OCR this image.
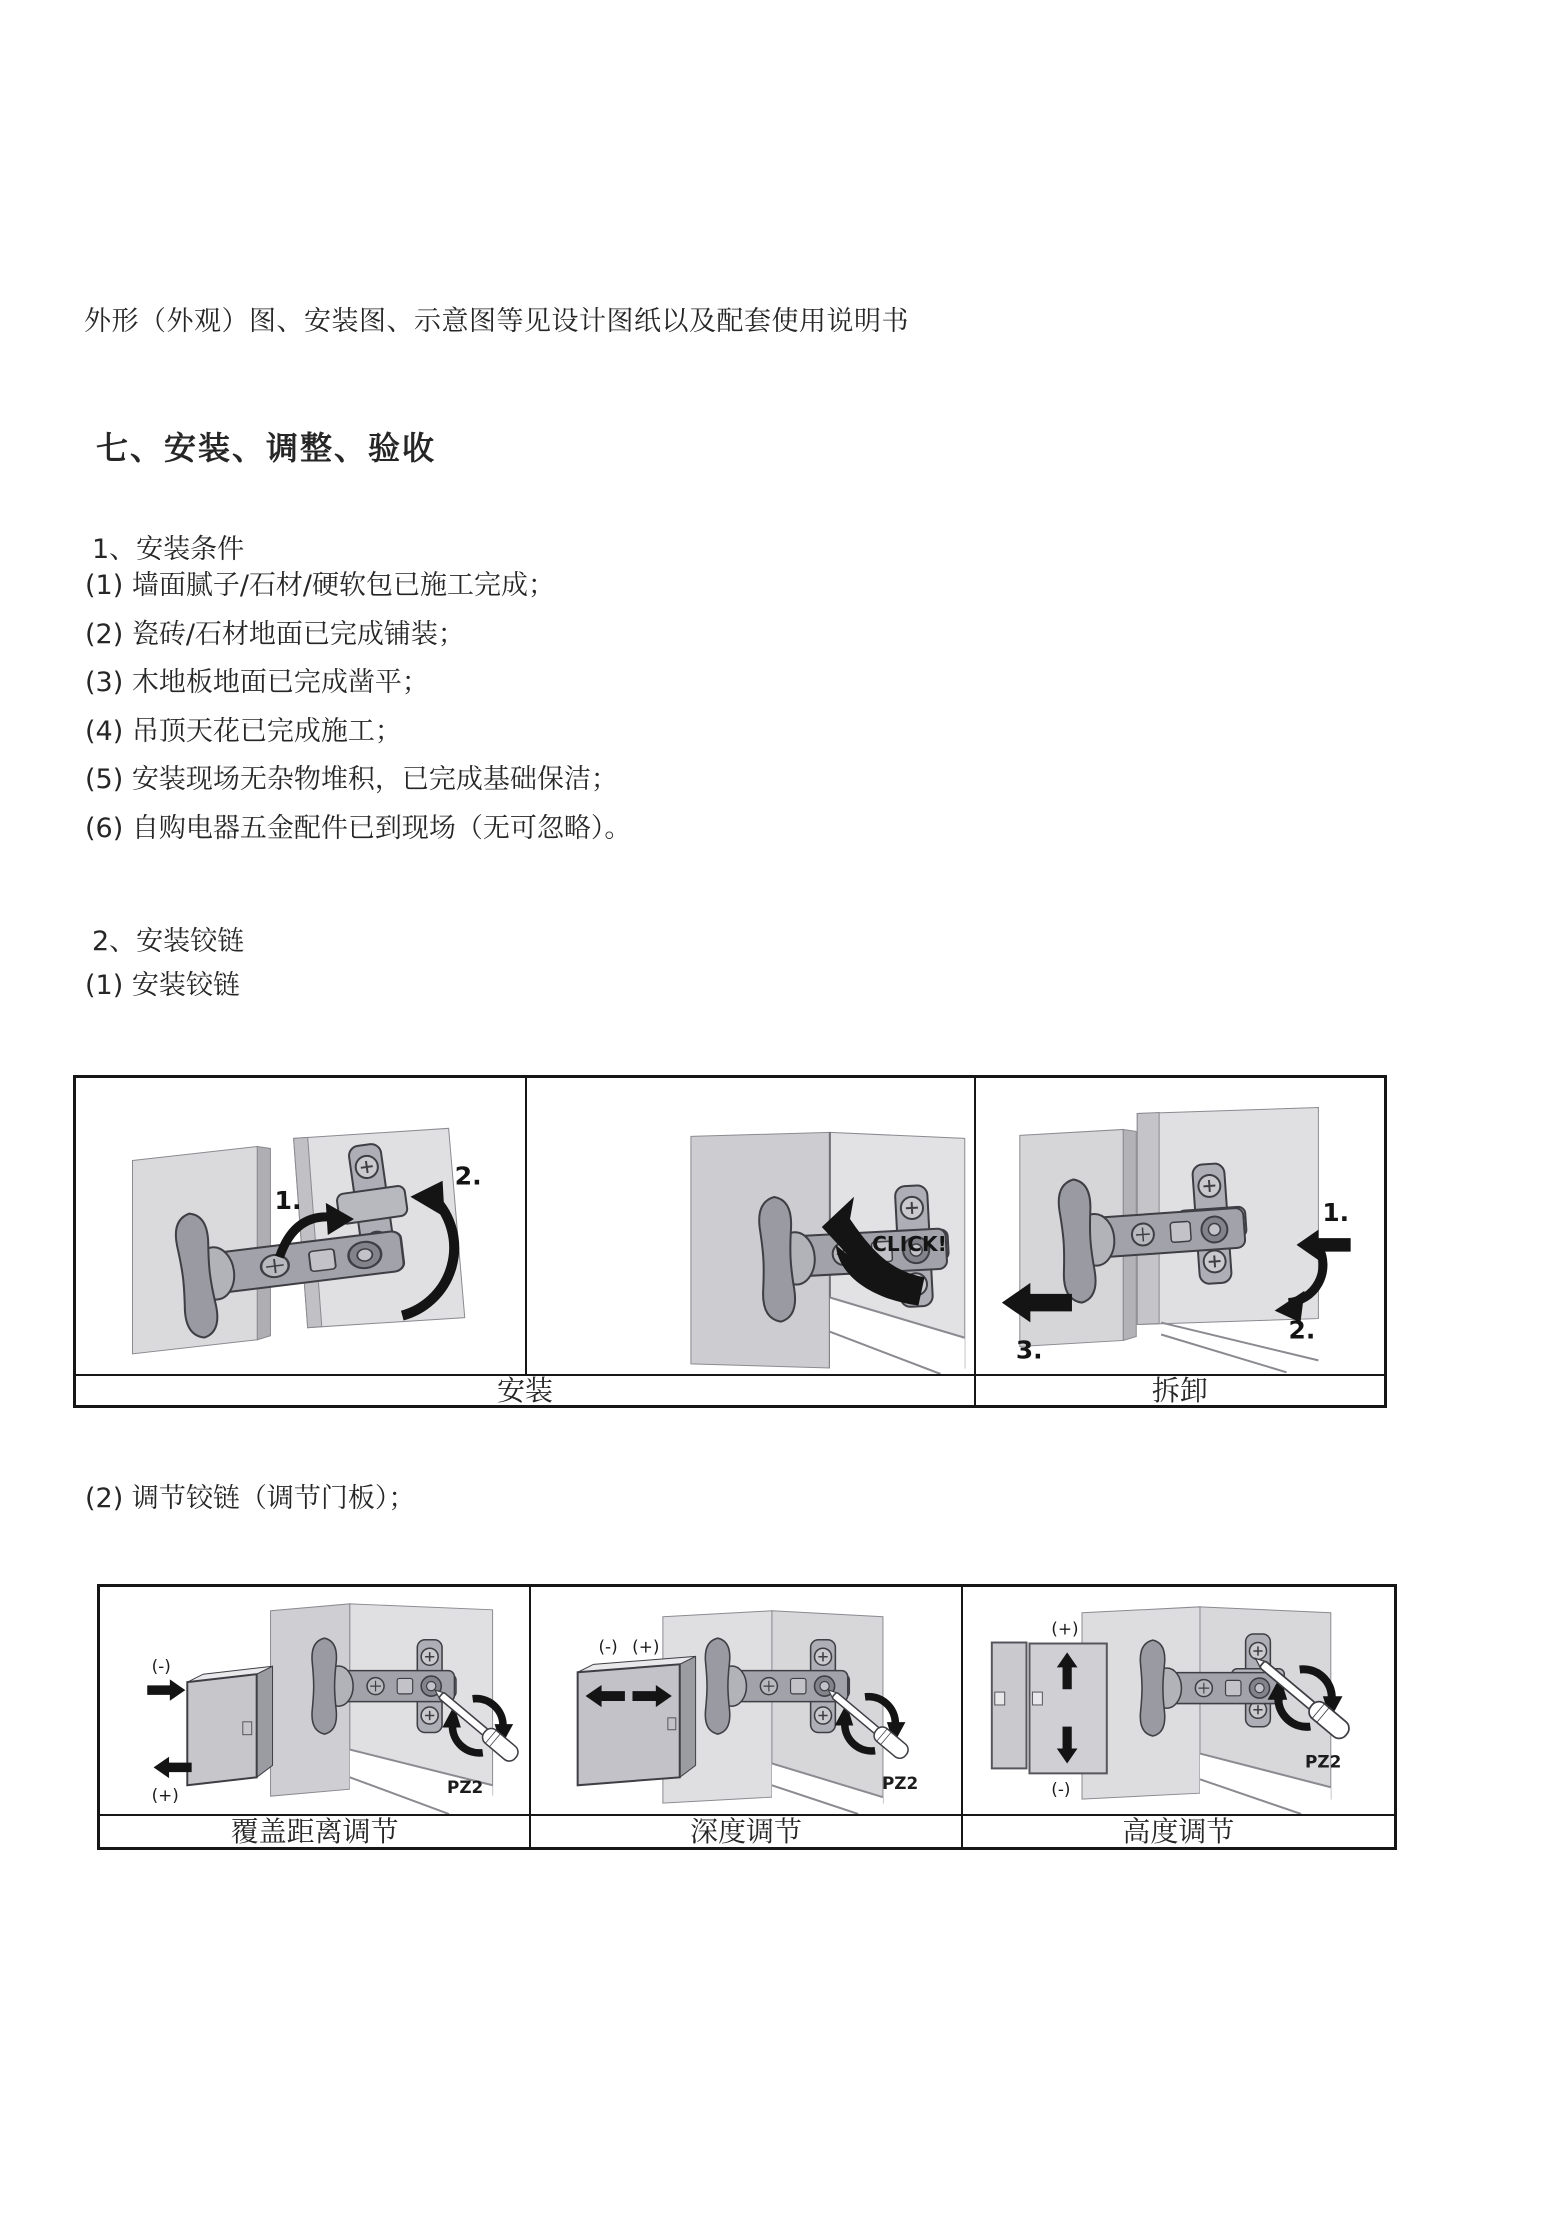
外形（外观）图、安装图、示意图等见设计图纸以及配套使用说明书
七、安装、调整、验收
1、安装条件
(1) 墙面腻子/石材/硬软包已施工完成；
(2) 瓷砖/石材地面已完成铺装；
(3) 木地板地面已完成凿平；
(4) 吊顶天花已完成施工；
(5) 安装现场无杂物堆积，已完成基础保洁；
(6) 自购电器五金配件已到现场（无可忽略）。
2、安装铰链
(1) 安装铰链
1.
2.
CLICK!
1.
2.
3.
安装	拆卸
(2) 调节铰链（调节门板）；
(-)
(+)	PZ2
(-) (+)
PZ2
(+)
(-)
PZ2
覆盖距离调节	深度调节	高度调节
